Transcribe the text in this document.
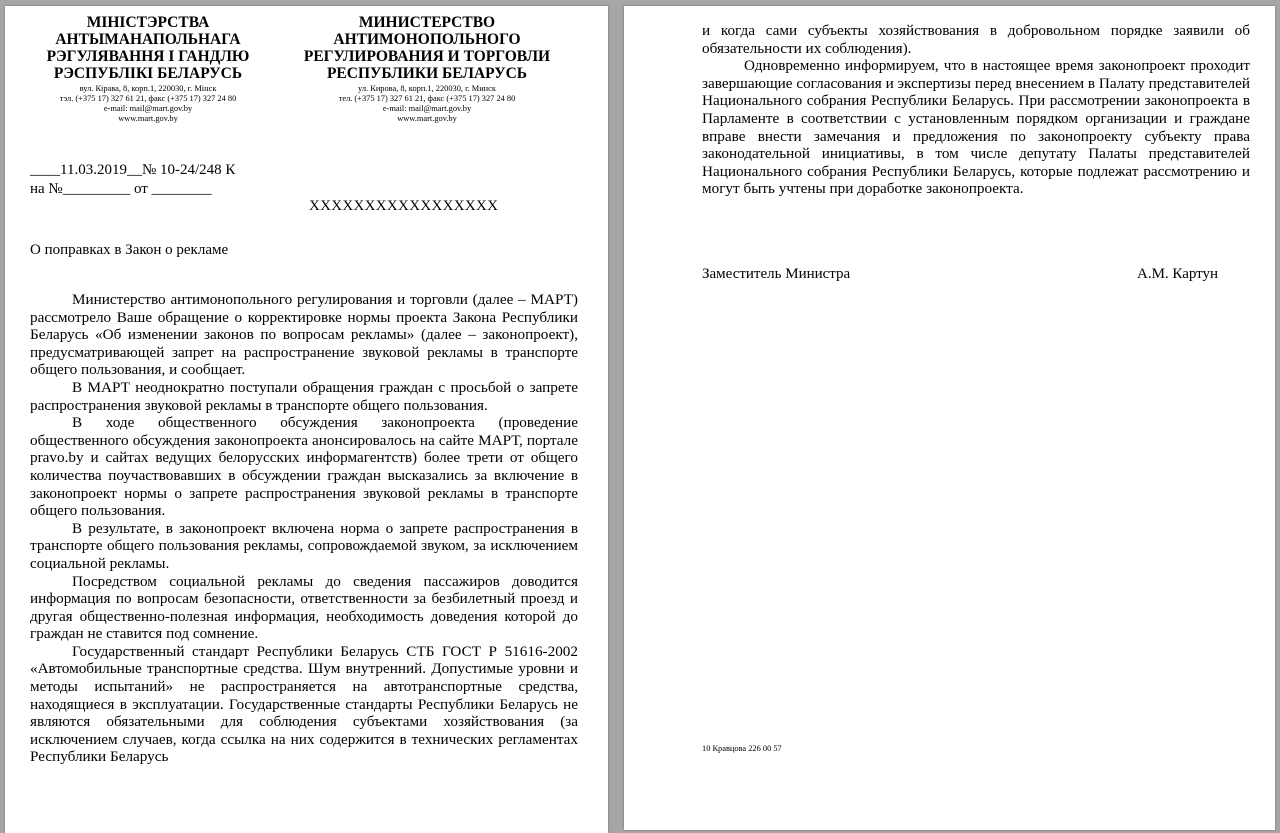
МІНІСТЭРСТВА
АНТЫМАНАПОЛЬНАГА
РЭГУЛЯВАННЯ І ГАНДЛЮ
РЭСПУБЛІКІ БЕЛАРУСЬ
вул. Кірава, 8, корп.1, 220030, г. Мінск
тэл. (+375 17) 327 61 21, факс (+375 17) 327 24 80
e-mail: mail@mart.gov.by
www.mart.gov.by
МИНИСТЕРСТВО
АНТИМОНОПОЛЬНОГО
РЕГУЛИРОВАНИЯ И ТОРГОВЛИ
РЕСПУБЛИКИ БЕЛАРУСЬ
ул. Кирова, 8, корп.1, 220030, г. Минск
тел. (+375 17) 327 61 21, факс (+375 17) 327 24 80
e-mail: mail@mart.gov.by
www.mart.gov.by
____11.03.2019__№ 10-24/248 К
на №_________ от ________
XXXXXXXXXXXXXXXXX
О поправках в Закон о рекламе

Министерство антимонопольного регулирования и торговли (далее – МАРТ) рассмотрело Ваше обращение о корректировке нормы проекта Закона Республики Беларусь «Об изменении законов по вопросам рекламы» (далее – законопроект), предусматривающей запрет на распространение звуковой рекламы в транспорте общего пользования, и сообщает.

В МАРТ неоднократно поступали обращения граждан с просьбой о запрете распространения звуковой рекламы в транспорте общего пользования.

В ходе общественного обсуждения законопроекта (проведение общественного обсуждения законопроекта анонсировалось на сайте МАРТ, портале pravo.by и сайтах ведущих белорусских информагентств) более трети от общего количества поучаствовавших в обсуждении граждан высказались за включение в законопроект нормы о запрете распространения звуковой рекламы в транспорте общего пользования.

В результате, в законопроект включена норма о запрете распространения в транспорте общего пользования рекламы, сопровождаемой звуком, за исключением социальной рекламы.

Посредством социальной рекламы до сведения пассажиров доводится информация по вопросам безопасности, ответственности за безбилетный проезд и другая общественно-полезная информация, необходимость доведения которой до граждан не ставится под сомнение.

Государственный стандарт Республики Беларусь СТБ ГОСТ Р 51616-2002 «Автомобильные транспортные средства. Шум внутренний. Допустимые уровни и методы испытаний» не распространяется на автотранспортные средства, находящиеся в эксплуатации. Государственные стандарты Республики Беларусь не являются обязательными для соблюдения субъектами хозяйствования (за исключением случаев, когда ссылка на них содержится в технических регламентах Республики Беларусь

и когда сами субъекты хозяйствования в добровольном порядке заявили об обязательности их соблюдения).

Одновременно информируем, что в настоящее время законопроект проходит завершающие согласования и экспертизы перед внесением в Палату представителей Национального собрания Республики Беларусь. При рассмотрении законопроекта в Парламенте в соответствии с установленным порядком организации и граждане вправе внести замечания и предложения по законопроекту субъекту права законодательной инициативы, в том числе депутату Палаты представителей Национального собрания Республики Беларусь, которые подлежат рассмотрению и могут быть учтены при доработке законопроекта.

Заместитель Министра	А.М. Картун
10 Кравцова 226 00 57
